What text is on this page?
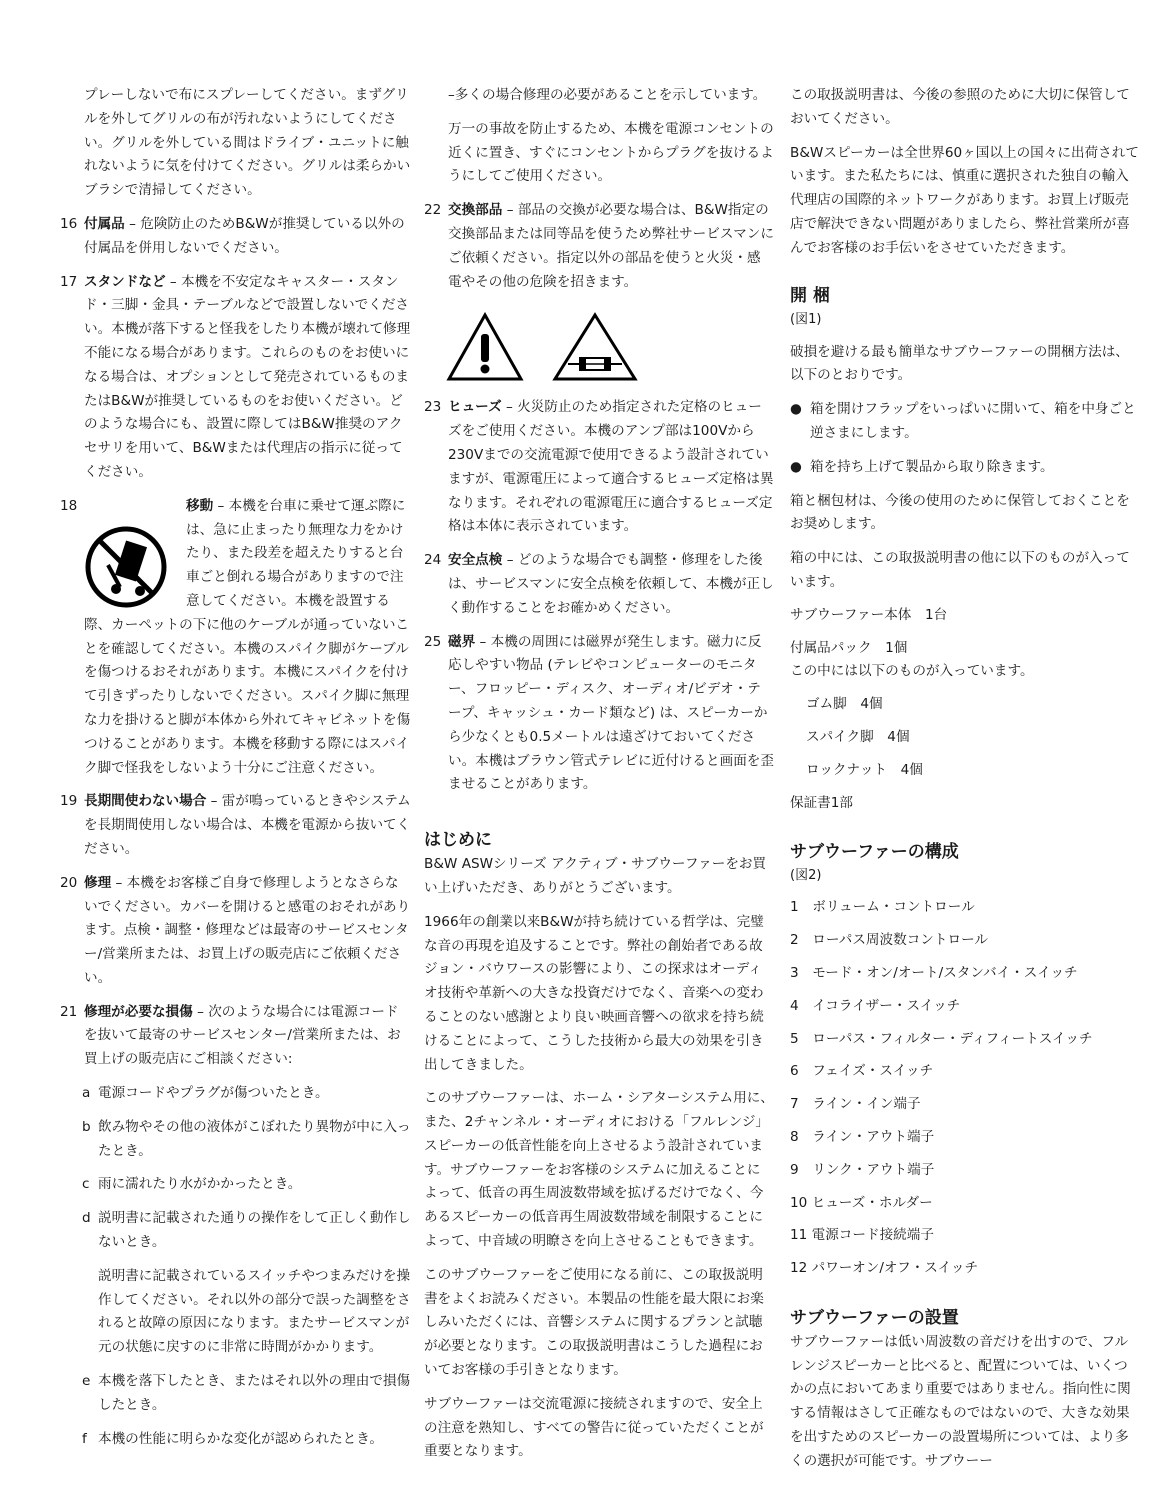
プレーしないで布にスプレーしてください。まずグリルを外してグリルの布が汚れないようにしてください。グリルを外している間はドライブ・ユニットに触れないように気を付けてください。グリルは柔らかいブラシで清掃してください。

16 付属品 – 危険防止のためB&Wが推奨している以外の付属品を併用しないでください。
17 スタンドなど – 本機を不安定なキャスター・スタンド・三脚・金具・テーブルなどで設置しないでください。本機が落下すると怪我をしたり本機が壊れて修理不能になる場合があります。これらのものをお使いになる場合は、オプションとして発売されているものまたはB&Wが推奨しているものをお使いください。どのような場合にも、設置に際してはB&W推奨のアクセサリを用いて、B&Wまたは代理店の指示に従ってください。
18	移動 – 本機を台車に乗せて運ぶ際には、急に止まったり無理な力をかけたり、また段差を超えたりすると台車ごと倒れる場合がありますので注意してください。本機を設置する際、カーペットの下に他のケーブルが通っていないことを確認してください。本機のスパイク脚がケーブルを傷つけるおそれがあります。本機にスパイクを付けて引きずったりしないでください。スパイク脚に無理な力を掛けると脚が本体から外れてキャビネットを傷つけることがあります。本機を移動する際にはスパイク脚で怪我をしないよう十分にご注意ください。
19 長期間使わない場合 – 雷が鳴っているときやシステムを長期間使用しない場合は、本機を電源から抜いてください。
20 修理 – 本機をお客様ご自身で修理しようとなさらないでください。カバーを開けると感電のおそれがあります。点検・調整・修理などは最寄のサービスセンター/営業所または、お買上げの販売店にご依頼ください。
21 修理が必要な損傷 – 次のような場合には電源コードを抜いて最寄のサービスセンター/営業所または、お買上げの販売店にご相談ください:
a 電源コードやプラグが傷ついたとき。
b 飲み物やその他の液体がこぼれたり異物が中に入ったとき。
c 雨に濡れたり水がかかったとき。
d 説明書に記載された通りの操作をして正しく動作しないとき。

説明書に記載されているスイッチやつまみだけを操作してください。それ以外の部分で誤った調整をされると故障の原因になります。またサービスマンが元の状態に戻すのに非常に時間がかかります。

e 本機を落下したとき、またはそれ以外の理由で損傷したとき。
f 本機の性能に明らかな変化が認められたとき。

–多くの場合修理の必要があることを示しています。

万一の事故を防止するため、本機を電源コンセントの近くに置き、すぐにコンセントからプラグを抜けるようにしてご使用ください。

22 交換部品 – 部品の交換が必要な場合は、B&W指定の交換部品または同等品を使うため弊社サービスマンにご依頼ください。指定以外の部品を使うと火災・感電やその他の危険を招きます。
23 ヒューズ – 火災防止のため指定された定格のヒューズをご使用ください。本機のアンプ部は100Vから230Vまでの交流電源で使用できるよう設計されていますが、電源電圧によって適合するヒューズ定格は異なります。それぞれの電源電圧に適合するヒューズ定格は本体に表示されています。
24 安全点検 – どのような場合でも調整・修理をした後は、サービスマンに安全点検を依頼して、本機が正しく動作することをお確かめください。
25 磁界 – 本機の周囲には磁界が発生します。磁力に反応しやすい物品 (テレビやコンピューターのモニター、フロッピー・ディスク、オーディオ/ビデオ・テープ、キャッシュ・カード類など) は、スピーカーから少なくとも0.5メートルは遠ざけておいてください。本機はブラウン管式テレビに近付けると画面を歪ませることがあります。
はじめに

B&W ASWシリーズ アクティブ・サブウーファーをお買い上げいただき、ありがとうございます。

1966年の創業以来B&Wが持ち続けている哲学は、完璧な音の再現を追及することです。弊社の創始者である故ジョン・バウワースの影響により、この探求はオーディオ技術や革新への大きな投資だけでなく、音楽への変わることのない感謝とより良い映画音響への欲求を持ち続けることによって、こうした技術から最大の効果を引き出してきました。

このサブウーファーは、ホーム・シアターシステム用に、また、2チャンネル・オーディオにおける「フルレンジ」スピーカーの低音性能を向上させるよう設計されています。サブウーファーをお客様のシステムに加えることによって、低音の再生周波数帯域を拡げるだけでなく、今あるスピーカーの低音再生周波数帯域を制限することによって、中音域の明瞭さを向上させることもできます。

このサブウーファーをご使用になる前に、この取扱説明書をよくお読みください。本製品の性能を最大限にお楽しみいただくには、音響システムに関するプランと試聴が必要となります。この取扱説明書はこうした過程においてお客様の手引きとなります。

サブウーファーは交流電源に接続されますので、安全上の注意を熟知し、すべての警告に従っていただくことが重要となります。

この取扱説明書は、今後の参照のために大切に保管しておいてください。

B&Wスピーカーは全世界60ヶ国以上の国々に出荷されています。また私たちには、慎重に選択された独自の輸入代理店の国際的ネットワークがあります。お買上げ販売店で解決できない問題がありましたら、弊社営業所が喜んでお客様のお手伝いをさせていただきます。

開 梱
(図1)

破損を避ける最も簡単なサブウーファーの開梱方法は、以下のとおりです。

● 箱を開けフラップをいっぱいに開いて、箱を中身ごと逆さまにします。
● 箱を持ち上げて製品から取り除きます。

箱と梱包材は、今後の使用のために保管しておくことをお奨めします。

箱の中には、この取扱説明書の他に以下のものが入っています。

サブウーファー本体　1台

付属品パック　1個

この中には以下のものが入っています。

ゴム脚　4個

スパイク脚　4個

ロックナット　4個

保証書1部

サブウーファーの構成
(図2)

1　ボリューム・コントロール

2　ローパス周波数コントロール

3　モード・オン/オート/スタンバイ・スイッチ

4　イコライザー・スイッチ

5　ローパス・フィルター・ディフィートスイッチ

6　フェイズ・スイッチ

7　ライン・イン端子

8　ライン・アウト端子

9　リンク・アウト端子

10 ヒューズ・ホルダー

11 電源コード接続端子

12 パワーオン/オフ・スイッチ

サブウーファーの設置

サブウーファーは低い周波数の音だけを出すので、フルレンジスピーカーと比べると、配置については、いくつかの点においてあまり重要ではありません。指向性に関する情報はさして正確なものではないので、大きな効果を出すためのスピーカーの設置場所については、より多くの選択が可能です。サブウーー
